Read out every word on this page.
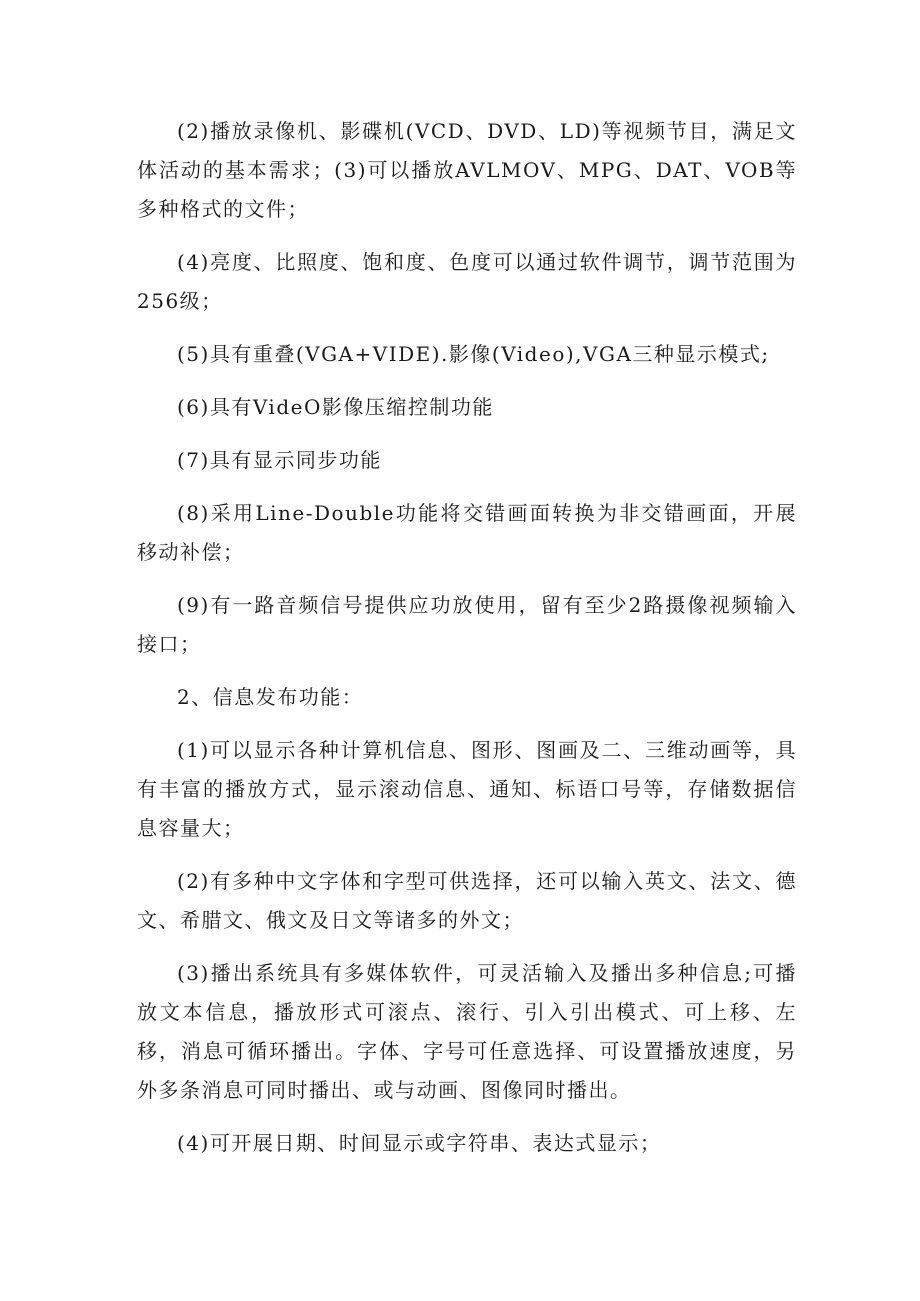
(2)播放录像机、影碟机(VCD、DVD、LD)等视频节目，满足文体活动的基本需求；(3)可以播放AVLMOV、MPG、DAT、VOB等多种格式的文件；

(4)亮度、比照度、饱和度、色度可以通过软件调节，调节范围为256级；

(5)具有重叠(VGA+VIDE).影像(Video),VGA三种显示模式;

(6)具有VideO影像压缩控制功能

(7)具有显示同步功能

(8)采用Line-Double功能将交错画面转换为非交错画面，开展移动补偿；

(9)有一路音频信号提供应功放使用，留有至少2路摄像视频输入接口；

2、信息发布功能：

(1)可以显示各种计算机信息、图形、图画及二、三维动画等，具有丰富的播放方式，显示滚动信息、通知、标语口号等，存储数据信息容量大；

(2)有多种中文字体和字型可供选择，还可以输入英文、法文、德文、希腊文、俄文及日文等诸多的外文；

(3)播出系统具有多媒体软件，可灵活输入及播出多种信息;可播放文本信息，播放形式可滚点、滚行、引入引出模式、可上移、左移，消息可循环播出。字体、字号可任意选择、可设置播放速度，另外多条消息可同时播出、或与动画、图像同时播出。

(4)可开展日期、时间显示或字符串、表达式显示；
